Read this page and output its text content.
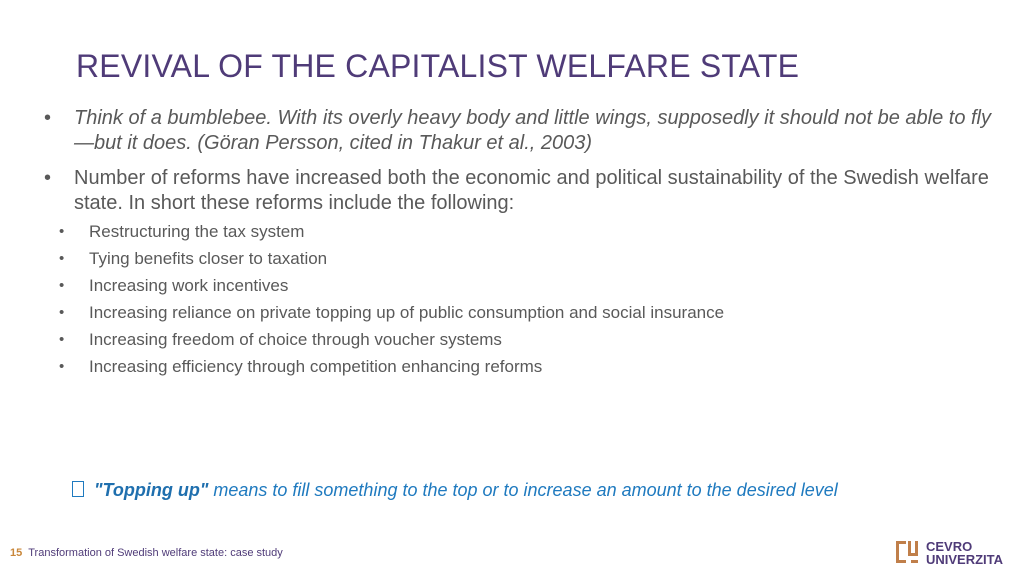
REVIVAL OF THE CAPITALIST WELFARE STATE
• Think of a bumblebee. With its overly heavy body and little wings, supposedly it should not be able to fly—but it does. (Göran Persson, cited in Thakur et al., 2003)
• Number of reforms have increased both the economic and political sustainability of the Swedish welfare state. In short these reforms include the following:
• Restructuring the tax system
• Tying benefits closer to taxation
• Increasing work incentives
• Increasing reliance on private topping up of public consumption and social insurance
• Increasing freedom of choice through voucher systems
• Increasing efficiency through competition enhancing reforms
"Topping up" means to fill something to the top or to increase an amount to the desired level
15 Transformation of Swedish welfare state: case study	CEVRO
UNIVERZITA
